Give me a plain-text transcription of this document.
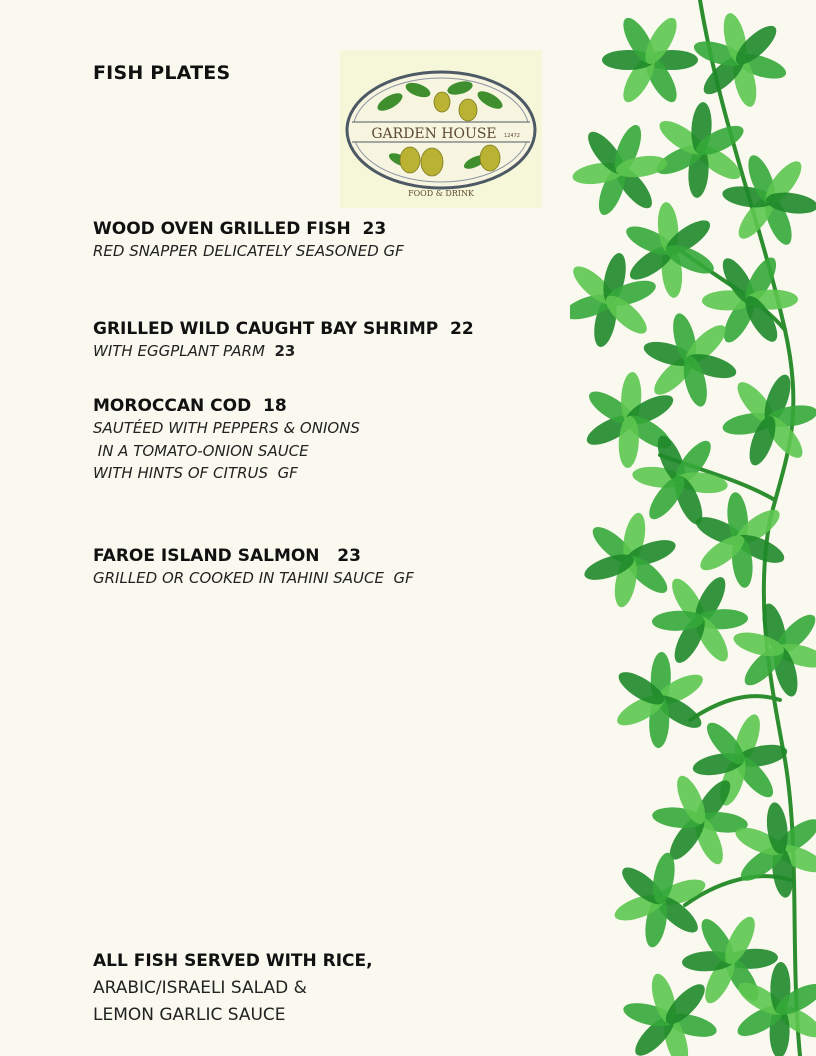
FISH PLATES
GARDEN HOUSE 12472
FOOD & DRINK
WOOD OVEN GRILLED FISH  23
RED SNAPPER DELICATELY SEASONED GF
GRILLED WILD CAUGHT BAY SHRIMP  22
WITH EGGPLANT PARM 23
MOROCCAN COD  18
SAUTÉED WITH PEPPERS & ONIONS
IN A TOMATO-ONION SAUCE
WITH HINTS OF CITRUS  GF
FAROE ISLAND SALMON   23
GRILLED OR COOKED IN TAHINI SAUCE  GF
ALL FISH SERVED WITH RICE,
ARABIC/ISRAELI SALAD &
LEMON GARLIC SAUCE
